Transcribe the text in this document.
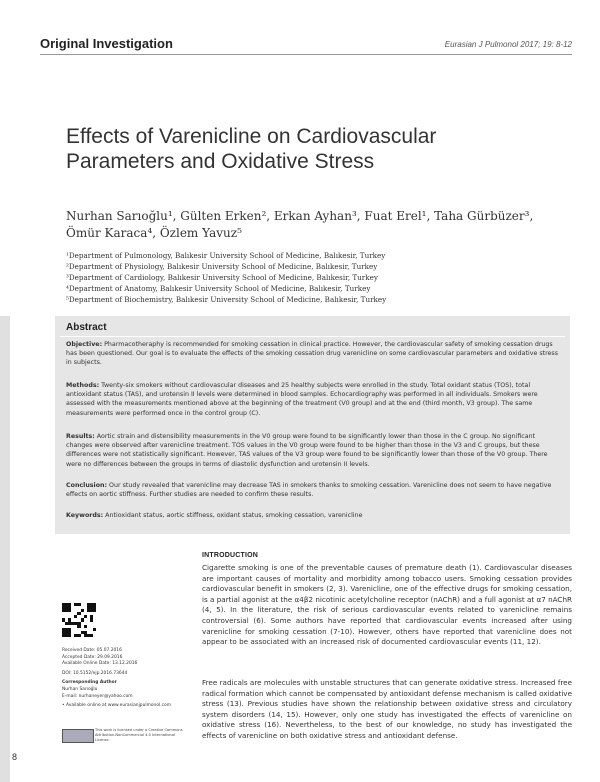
Original Investigation	Eurasian J Pulmonol 2017; 19: 8-12
Effects of Varenicline on Cardiovascular Parameters and Oxidative Stress
Nurhan Sarıoğlu¹, Gülten Erken², Erkan Ayhan³, Fuat Erel¹, Taha Gürbüzer³, Ömür Karaca⁴, Özlem Yavuz⁵
¹Department of Pulmonology, Balıkesir University School of Medicine, Balıkesir, Turkey
²Department of Physiology, Balıkesir University School of Medicine, Balıkesir, Turkey
³Department of Cardiology, Balıkesir University School of Medicine, Balıkesir, Turkey
⁴Department of Anatomy, Balıkesir University School of Medicine, Balıkesir, Turkey
⁵Department of Biochemistry, Balıkesir University School of Medicine, Balıkesir, Turkey
Abstract
Objective: Pharmacotheraphy is recommended for smoking cessation in clinical practice. However, the cardiovascular safety of smoking cessation drugs has been questioned. Our goal is to evaluate the effects of the smoking cessation drug varenicline on some cardiovascular parameters and oxidative stress in subjects.
Methods: Twenty-six smokers without cardiovascular diseases and 25 healthy subjects were enrolled in the study. Total oxidant status (TOS), total antioxidant status (TAS), and urotensin II levels were determined in blood samples. Echocardiography was performed in all individuals. Smokers were assessed with the measurements mentioned above at the beginning of the treatment (V0 group) and at the end (third month, V3 group). The same measurements were performed once in the control group (C).
Results: Aortic strain and distensibility measurements in the V0 group were found to be significantly lower than those in the C group. No significant changes were observed after varenicline treatment. TOS values in the V0 group were found to be higher than those in the V3 and C groups, but these differences were not statistically significant. However, TAS values of the V3 group were found to be significantly lower than those of the V0 group. There were no differences between the groups in terms of diastolic dysfunction and urotensin II levels.
Conclusion: Our study revealed that varenicline may decrease TAS in smokers thanks to smoking cessation. Varenicline does not seem to have negative effects on aortic stiffness. Further studies are needed to confirm these results.
Keywords: Antioxidant status, aortic stiffness, oxidant status, smoking cessation, varenicline
Received Date: 05.07.2016
Accepted Date: 29.09.2016
Available Online Date: 13.12.2016
DOI: 10.5152/ejp.2016.73644
Corresponding Author
Nurhan Sarıoğlu
E-mail: nurhaneyer@yahoo.com
• Available online at www.eurasianjpulmonol.com
This work is licensed under a Creative Commons Attribution-NonCommercial 4.0 International License.
INTRODUCTION
Cigarette smoking is one of the preventable causes of premature death (1). Cardiovascular diseases are important causes of mortality and morbidity among tobacco users. Smoking cessation provides cardiovascular benefit in smokers (2, 3). Varenicline, one of the effective drugs for smoking cessation, is a partial agonist at the α4β2 nicotinic acetylcholine receptor (nAChR) and a full agonist at α7 nAChR (4, 5). In the literature, the risk of serious cardiovascular events related to varenicline remains controversial (6). Some authors have reported that cardiovascular events increased after using varenicline for smoking cessation (7-10). However, others have reported that varenicline does not appear to be associated with an increased risk of documented cardiovascular events (11, 12).
Free radicals are molecules with unstable structures that can generate oxidative stress. Increased free radical formation which cannot be compensated by antioxidant defense mechanism is called oxidative stress (13). Previous studies have shown the relationship between oxidative stress and circulatory system disorders (14, 15). However, only one study has investigated the effects of varenicline on oxidative stress (16). Nevertheless, to the best of our knowledge, no study has investigated the effects of varenicline on both oxidative stress and antioxidant defense.
8
